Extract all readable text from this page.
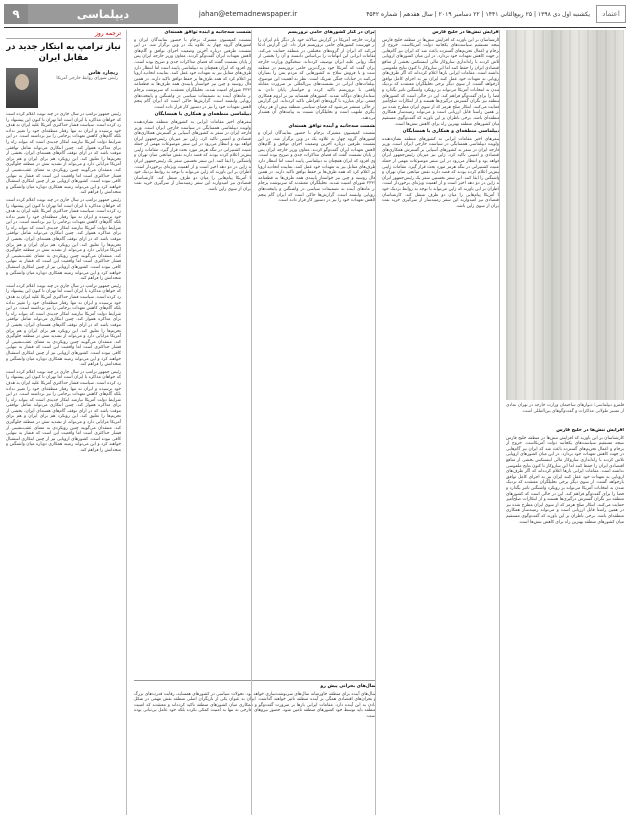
۹	دیپلماسی	jahan@etemadnewspaper.ir	یکشنبه اول دی ۱۳۹۸ | ۲۵ ربیع‌الثانی ۱۴۴۱ | ۲۲ دسامبر ۲۰۱۹ | سال هفدهم | شماره ۴۵۴۲	اعتماد
قلمرو دیپلماسی؛ دیوارهای ساختمان وزارت خارجه در تهران نمادی از مسیر طولانی مذاکرات و گفت‌وگوهای بین‌المللی است.

افزایش تنش‌ها در خلیج فارس

کارشناسان بر این باورند که افزایش تنش‌ها در منطقه خلیج فارس نتیجه مستقیم سیاست‌های یکجانبه دولت آمریکاست. خروج از برجام و اعمال تحریم‌های گسترده باعث شد که ایران نیز گام‌هایی در جهت کاهش تعهدات خود بردارد. در این میان کشورهای اروپایی تلاش کردند با راه‌اندازی سازوکار مالی اینستکس بخشی از منافع اقتصادی ایران را حفظ کنند اما این سازوکار تا کنون نتایج ملموسی نداشته است. مقامات ایرانی بارها اعلام کرده‌اند که اگر طرف‌های اروپایی به تعهدات خود عمل کنند ایران نیز به اجرای کامل توافق بازخواهد گشت. از سوی دیگر برخی تحلیلگران معتقدند که نزدیک شدن به انتخابات آمریکا می‌تواند بر رویکرد واشنگتن تاثیر بگذارد و فضا را برای گفت‌وگو فراهم کند. این در حالی است که کشورهای منطقه نیز نگران گسترش درگیری‌ها هستند و از ابتکارات صلح‌آمیز حمایت می‌کنند. ابتکار صلح هرمز که از سوی ایران مطرح شده نیز در همین راستا قابل ارزیابی است و می‌تواند زمینه‌ساز همکاری منطقه‌ای باشد. برخی ناظران بر این باورند که گفت‌وگوی مستقیم میان کشورهای منطقه بهترین راه برای کاهش تنش‌ها است.

افزایش تنش‌ها در خلیج فارس

کارشناسان بر این باورند که افزایش تنش‌ها در منطقه خلیج فارس نتیجه مستقیم سیاست‌های یکجانبه دولت آمریکاست. خروج از برجام و اعمال تحریم‌های گسترده باعث شد که ایران نیز گام‌هایی در جهت کاهش تعهدات خود بردارد. در این میان کشورهای اروپایی تلاش کردند با راه‌اندازی سازوکار مالی اینستکس بخشی از منافع اقتصادی ایران را حفظ کنند اما این سازوکار تا کنون نتایج ملموسی نداشته است. مقامات ایرانی بارها اعلام کرده‌اند که اگر طرف‌های اروپایی به تعهدات خود عمل کنند ایران نیز به اجرای کامل توافق بازخواهد گشت. از سوی دیگر برخی تحلیلگران معتقدند که نزدیک شدن به انتخابات آمریکا می‌تواند بر رویکرد واشنگتن تاثیر بگذارد و فضا را برای گفت‌وگو فراهم کند. این در حالی است که کشورهای منطقه نیز نگران گسترش درگیری‌ها هستند و از ابتکارات صلح‌آمیز حمایت می‌کنند. ابتکار صلح هرمز که از سوی ایران مطرح شده نیز در همین راستا قابل ارزیابی است و می‌تواند زمینه‌ساز همکاری منطقه‌ای باشد. برخی ناظران بر این باورند که گفت‌وگوی مستقیم میان کشورهای منطقه بهترین راه برای کاهش تنش‌ها است.

دیپلماسی منطقه‌ای و همکاری با همسایگان

سفرهای اخیر مقامات ایرانی به کشورهای منطقه نشان‌دهنده اولویت دیپلماسی همسایگی در سیاست خارجی ایران است. وزیر خارجه ایران در سفر به کشورهای آسیایی بر گسترش همکاری‌های اقتصادی و امنیتی تاکید کرد. ژاپن نیز میزبان رئیس‌جمهور ایران خواهد بود و انتظار می‌رود در این سفر موضوعات مهمی از جمله امنیت کشتیرانی در تنگه هرمز مورد بحث قرار گیرد. مقامات ژاپنی پیش‌تر اعلام کرده بودند که قصد دارند نقش میانجی میان تهران و واشنگتن را ایفا کنند. این سفر نخستین سفر یک رئیس‌جمهور ایران به ژاپن در دو دهه اخیر است و از اهمیت ویژه‌ای برخوردار است. ناظران بر این باورند که ژاپن می‌تواند با توجه به روابط نزدیک خود با آمریکا پیام‌هایی را میان دو طرف منتقل کند. کارشناسان اقتصادی نیز امیدوارند این سفر زمینه‌ساز از سرگیری خرید نفت ایران از سوی ژاپن باشد.

ایران در کنار کشورهای حامی تروریسم

وزارت خارجه آمریکا در گزارش سالانه خود بار دیگر نام ایران را در فهرست کشورهای حامی تروریسم قرار داد. این گزارش ادعا می‌کند که ایران از گروه‌های مختلفی در منطقه حمایت می‌کند. مقامات ایرانی این اتهامات را بی‌اساس دانسته و آن را بخشی از جنگ روانی علیه ایران توصیف کرده‌اند. سخنگوی وزارت خارجه ایران گفت که آمریکا خود بزرگ‌ترین حامی تروریسم در منطقه است و با فروش سلاح به کشورهایی که مردم یمن را بمباران می‌کنند در جنایات جنگی شریک است. نظر به اهمیت این موضوع، دیپلمات‌های ایرانی در نشست‌های بین‌المللی بر ضرورت مقابله واقعی با تروریسم تاکید کرده و خواستار پایان دادن به استانداردهای دوگانه شدند. کشورهای همسایه نیز بر لزوم همکاری جمعی برای مبارزه با گروه‌های افراطی تاکید کرده‌اند. این گزارش در حالی منتشر می‌شود که فضای سیاسی منطقه بیش از هر زمان دیگری ملتهب است و تحلیلگران نسبت به پیامدهای آن هشدار می‌دهند.

نشست سه‌جانبه و آینده توافق هسته‌ای

نشست کمیسیون مشترک برجام با حضور نمایندگان ایران و کشورهای گروه چهار به علاوه یک در وین برگزار شد. در این نشست طرفین درباره آخرین وضعیت اجرای توافق و گام‌های کاهش تعهدات ایران گفت‌وگو کردند. معاون وزیر خارجه ایران پس از پایان نشست گفت که فضای مذاکرات جدی و صریح بوده است. وی افزود که ایران همچنان به دیپلماسی پایبند است اما انتظار دارد طرف‌های مقابل نیز به تعهدات خود عمل کنند. نماینده اتحادیه اروپا نیز اعلام کرد که همه طرف‌ها بر حفظ توافق تاکید دارند. در همین حال روسیه و چین نیز خواستار پایبندی همه طرف‌ها به قطعنامه ۲۲۳۱ شورای امنیت شدند. تحلیلگران معتقدند که سرنوشت برجام در ماه‌های آینده به تصمیمات سیاسی در واشنگتن و پایتخت‌های اروپایی وابسته است. گزارش‌ها حاکی است که ایران گام پنجم کاهش تعهدات خود را نیز در دستور کار قرار داده است.

نشست سه‌جانبه و آینده توافق هسته‌ای

نشست کمیسیون مشترک برجام با حضور نمایندگان ایران و کشورهای گروه چهار به علاوه یک در وین برگزار شد. در این نشست طرفین درباره آخرین وضعیت اجرای توافق و گام‌های کاهش تعهدات ایران گفت‌وگو کردند. معاون وزیر خارجه ایران پس از پایان نشست گفت که فضای مذاکرات جدی و صریح بوده است. وی افزود که ایران همچنان به دیپلماسی پایبند است اما انتظار دارد طرف‌های مقابل نیز به تعهدات خود عمل کنند. نماینده اتحادیه اروپا نیز اعلام کرد که همه طرف‌ها بر حفظ توافق تاکید دارند. در همین حال روسیه و چین نیز خواستار پایبندی همه طرف‌ها به قطعنامه ۲۲۳۱ شورای امنیت شدند. تحلیلگران معتقدند که سرنوشت برجام در ماه‌های آینده به تصمیمات سیاسی در واشنگتن و پایتخت‌های اروپایی وابسته است. گزارش‌ها حاکی است که ایران گام پنجم کاهش تعهدات خود را نیز در دستور کار قرار داده است.

دیپلماسی منطقه‌ای و همکاری با همسایگان

سفرهای اخیر مقامات ایرانی به کشورهای منطقه نشان‌دهنده اولویت دیپلماسی همسایگی در سیاست خارجی ایران است. وزیر خارجه ایران در سفر به کشورهای آسیایی بر گسترش همکاری‌های اقتصادی و امنیتی تاکید کرد. ژاپن نیز میزبان رئیس‌جمهور ایران خواهد بود و انتظار می‌رود در این سفر موضوعات مهمی از جمله امنیت کشتیرانی در تنگه هرمز مورد بحث قرار گیرد. مقامات ژاپنی پیش‌تر اعلام کرده بودند که قصد دارند نقش میانجی میان تهران و واشنگتن را ایفا کنند. این سفر نخستین سفر یک رئیس‌جمهور ایران به ژاپن در دو دهه اخیر است و از اهمیت ویژه‌ای برخوردار است. ناظران بر این باورند که ژاپن می‌تواند با توجه به روابط نزدیک خود با آمریکا پیام‌هایی را میان دو طرف منتقل کند. کارشناسان اقتصادی نیز امیدوارند این سفر زمینه‌ساز از سرگیری خرید نفت ایران از سوی ژاپن باشد.

سال‌های بحرانی پیش رو

سال‌های آینده برای منطقه خاورمیانه سال‌های سرنوشت‌سازی خواهد بود. تحولات سیاسی در کشورهای همسایه، رقابت قدرت‌های بزرگ و بحران‌های اقتصادی همگی بر آینده منطقه تاثیر خواهند گذاشت. ایران به عنوان یکی از بازیگران اصلی منطقه نقش مهمی در شکل دادن به این آینده دارد. مقامات ایرانی بارها بر ضرورت گفت‌وگو و همکاری میان کشورهای منطقه تاکید کرده‌اند و معتقدند که امنیت منطقه باید توسط خود کشورهای منطقه تامین شود. حضور نیروهای خارجی نه تنها به امنیت کمکی نکرده بلکه خود عامل بی‌ثباتی بوده است.

ترجمه روز
نیاز ترامپ به ابتکار جدید در مقابل ایران
ریچارد هاس
رئیس شورای روابط خارجی آمریکا

رئیس جمهور ترامپ در سال جاری در چند نوبت اعلام کرده است که خواهان مذاکره با ایران است اما تهران تا کنون این پیشنهاد را رد کرده است. سیاست فشار حداکثری آمریکا علیه ایران به هدف خود نرسیده و ایران نه تنها رفتار منطقه‌ای خود را تغییر نداده بلکه گام‌های کاهش تعهدات برجامی را نیز برداشته است. در این شرایط دولت آمریکا نیازمند ابتکار جدیدی است که بتواند راه را برای مذاکره هموار کند. چنین ابتکاری می‌تواند شامل توافقی موقت باشد که در ازای توقف گام‌های هسته‌ای ایران، بخشی از تحریم‌ها را تعلیق کند. این رویکرد هم برای ایران و هم برای آمریکا مزایایی دارد و می‌تواند از تشدید تنش در منطقه جلوگیری کند. منتقدان می‌گویند چنین رویکردی به معنای عقب‌نشینی از فشار حداکثری است اما واقعیت این است که فشار به تنهایی کافی نبوده است. کشورهای اروپایی نیز از چنین ابتکاری استقبال خواهند کرد و این می‌تواند زمینه همکاری دوباره میان واشنگتن و متحدانش را فراهم کند.

رئیس جمهور ترامپ در سال جاری در چند نوبت اعلام کرده است که خواهان مذاکره با ایران است اما تهران تا کنون این پیشنهاد را رد کرده است. سیاست فشار حداکثری آمریکا علیه ایران به هدف خود نرسیده و ایران نه تنها رفتار منطقه‌ای خود را تغییر نداده بلکه گام‌های کاهش تعهدات برجامی را نیز برداشته است. در این شرایط دولت آمریکا نیازمند ابتکار جدیدی است که بتواند راه را برای مذاکره هموار کند. چنین ابتکاری می‌تواند شامل توافقی موقت باشد که در ازای توقف گام‌های هسته‌ای ایران، بخشی از تحریم‌ها را تعلیق کند. این رویکرد هم برای ایران و هم برای آمریکا مزایایی دارد و می‌تواند از تشدید تنش در منطقه جلوگیری کند. منتقدان می‌گویند چنین رویکردی به معنای عقب‌نشینی از فشار حداکثری است اما واقعیت این است که فشار به تنهایی کافی نبوده است. کشورهای اروپایی نیز از چنین ابتکاری استقبال خواهند کرد و این می‌تواند زمینه همکاری دوباره میان واشنگتن و متحدانش را فراهم کند.

رئیس جمهور ترامپ در سال جاری در چند نوبت اعلام کرده است که خواهان مذاکره با ایران است اما تهران تا کنون این پیشنهاد را رد کرده است. سیاست فشار حداکثری آمریکا علیه ایران به هدف خود نرسیده و ایران نه تنها رفتار منطقه‌ای خود را تغییر نداده بلکه گام‌های کاهش تعهدات برجامی را نیز برداشته است. در این شرایط دولت آمریکا نیازمند ابتکار جدیدی است که بتواند راه را برای مذاکره هموار کند. چنین ابتکاری می‌تواند شامل توافقی موقت باشد که در ازای توقف گام‌های هسته‌ای ایران، بخشی از تحریم‌ها را تعلیق کند. این رویکرد هم برای ایران و هم برای آمریکا مزایایی دارد و می‌تواند از تشدید تنش در منطقه جلوگیری کند. منتقدان می‌گویند چنین رویکردی به معنای عقب‌نشینی از فشار حداکثری است اما واقعیت این است که فشار به تنهایی کافی نبوده است. کشورهای اروپایی نیز از چنین ابتکاری استقبال خواهند کرد و این می‌تواند زمینه همکاری دوباره میان واشنگتن و متحدانش را فراهم کند.

رئیس جمهور ترامپ در سال جاری در چند نوبت اعلام کرده است که خواهان مذاکره با ایران است اما تهران تا کنون این پیشنهاد را رد کرده است. سیاست فشار حداکثری آمریکا علیه ایران به هدف خود نرسیده و ایران نه تنها رفتار منطقه‌ای خود را تغییر نداده بلکه گام‌های کاهش تعهدات برجامی را نیز برداشته است. در این شرایط دولت آمریکا نیازمند ابتکار جدیدی است که بتواند راه را برای مذاکره هموار کند. چنین ابتکاری می‌تواند شامل توافقی موقت باشد که در ازای توقف گام‌های هسته‌ای ایران، بخشی از تحریم‌ها را تعلیق کند. این رویکرد هم برای ایران و هم برای آمریکا مزایایی دارد و می‌تواند از تشدید تنش در منطقه جلوگیری کند. منتقدان می‌گویند چنین رویکردی به معنای عقب‌نشینی از فشار حداکثری است اما واقعیت این است که فشار به تنهایی کافی نبوده است. کشورهای اروپایی نیز از چنین ابتکاری استقبال خواهند کرد و این می‌تواند زمینه همکاری دوباره میان واشنگتن و متحدانش را فراهم کند.
